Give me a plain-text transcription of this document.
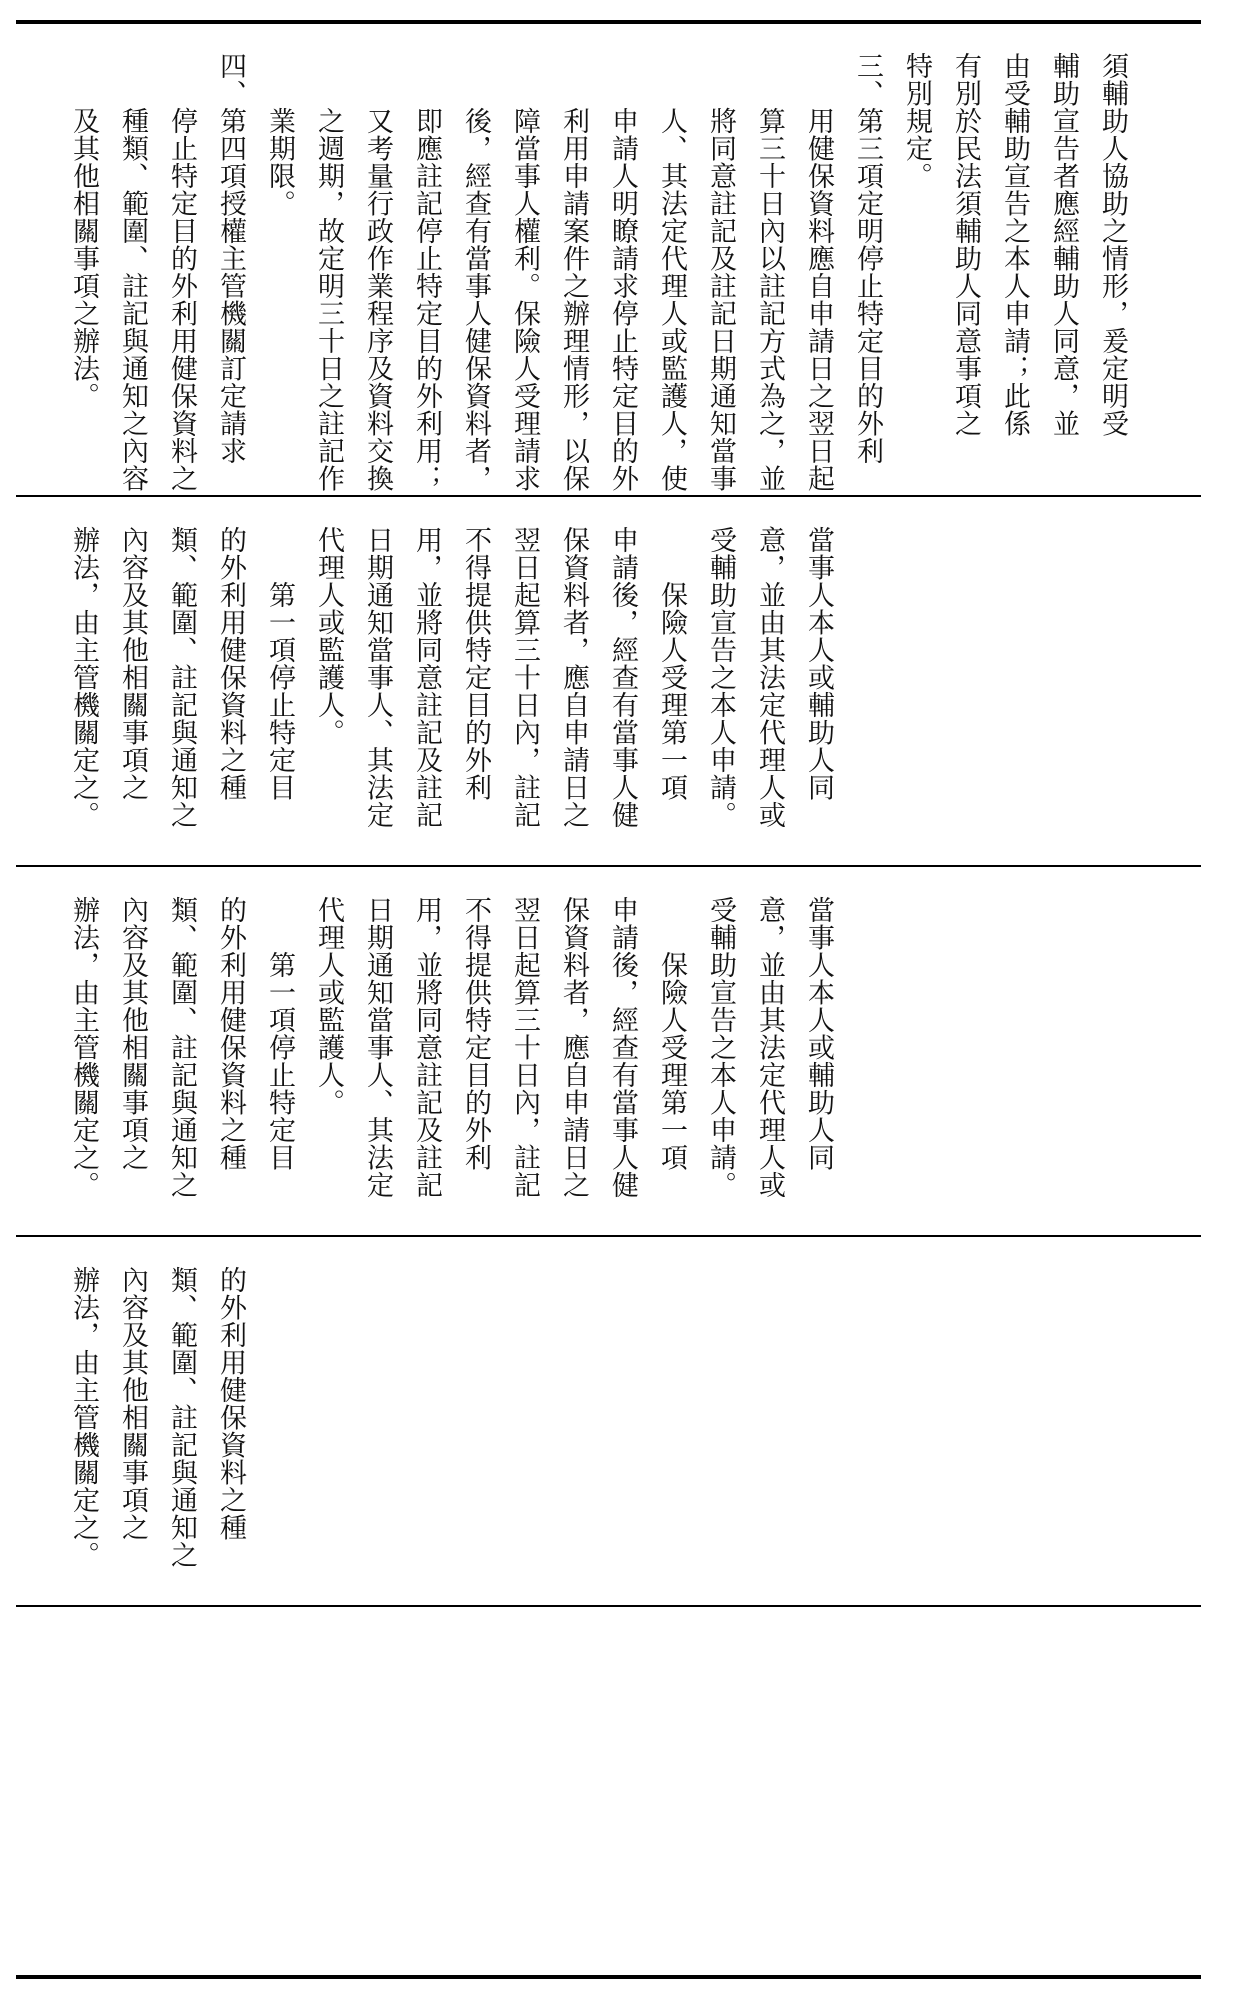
須輔助人協助之情形，爰定明受
輔助宣告者應經輔助人同意，並
由受輔助宣告之本人申請；此係
有別於民法須輔助人同意事項之
特別規定。
三、第三項定明停止特定目的外利
　　用健保資料應自申請日之翌日起
　　算三十日內以註記方式為之，並
　　將同意註記及註記日期通知當事
　　人、其法定代理人或監護人，使
　　申請人明瞭請求停止特定目的外
　　利用申請案件之辦理情形，以保
　　障當事人權利。保險人受理請求
　　後，經查有當事人健保資料者，
　　即應註記停止特定目的外利用；
　　又考量行政作業程序及資料交換
　　之週期，故定明三十日之註記作
　　業期限。
四、第四項授權主管機關訂定請求
　　停止特定目的外利用健保資料之
　　種類、範圍、註記與通知之內容
　　及其他相關事項之辦法。
當事人本人或輔助人同
意，並由其法定代理人或
受輔助宣告之本人申請。
　　保險人受理第一項
申請後，經查有當事人健
保資料者，應自申請日之
翌日起算三十日內，註記
不得提供特定目的外利
用，並將同意註記及註記
日期通知當事人、其法定
代理人或監護人。
　　第一項停止特定目
的外利用健保資料之種
類、範圍、註記與通知之
內容及其他相關事項之
辦法，由主管機關定之。
當事人本人或輔助人同
意，並由其法定代理人或
受輔助宣告之本人申請。
　　保險人受理第一項
申請後，經查有當事人健
保資料者，應自申請日之
翌日起算三十日內，註記
不得提供特定目的外利
用，並將同意註記及註記
日期通知當事人、其法定
代理人或監護人。
　　第一項停止特定目
的外利用健保資料之種
類、範圍、註記與通知之
內容及其他相關事項之
辦法，由主管機關定之。
的外利用健保資料之種
類、範圍、註記與通知之
內容及其他相關事項之
辦法，由主管機關定之。
